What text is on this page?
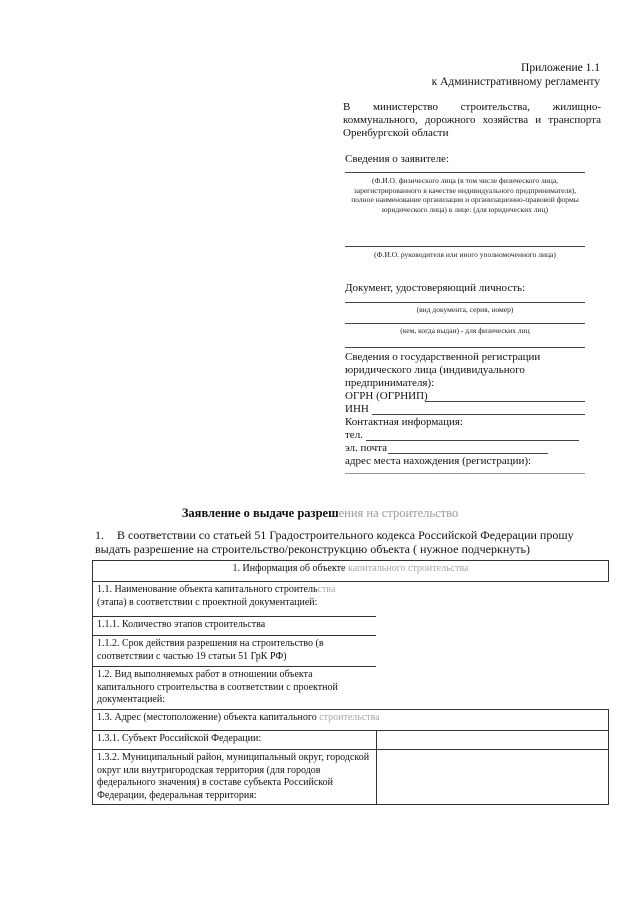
Приложение 1.1
к Административному регламенту
В министерство строительства, жилищно-коммунального, дорожного хозяйства и транспорта Оренбургской области
Сведения о заявителе:
(Ф.И.О. физического лица (в том числе физического лица, зарегистрированного в качестве индивидуального предпринимателя), полное наименование организации и организационно-правовой формы юридического лица) в лице: (для юридических лиц)
(Ф.И.О. руководителя или иного уполномоченного лица)
Документ, удостоверяющий личность:
(вид документа, серия, номер)
(кем, когда выдан) - для физических лиц
Сведения о государственной регистрации юридического лица (индивидуального предпринимателя):
ОГРН (ОГРНИП)
ИНН
Контактная информация:
тел.
эл. почта
адрес места нахождения (регистрации):
Заявление о выдаче разрешения на строительство
1. В соответствии со статьей 51 Градостроительного кодекса Российской Федерации прошу выдать разрешение на строительство/реконструкцию объекта ( нужное подчеркнуть)
1. Информация об объекте капитального строительства	
1.1. Наименование объекта капитального строительства
(этапа) в соответствии с проектной документацией:	
1.1.1. Количество этапов строительства	
1.1.2. Срок действия разрешения на строительство (в соответствии с частью 19 статьи 51 ГрК РФ)	
1.2. Вид выполняемых работ в отношении объекта капитального строительства в соответствии с проектной документацией:	
1.3. Адрес (местоположение) объекта капитального строительства	
1.3.1. Субъект Российской Федерации:	
1.3.2. Муниципальный район, муниципальный округ, городской округ или внутригородская территория (для городов федерального значения) в составе субъекта Российской Федерации, федеральная территория:	
